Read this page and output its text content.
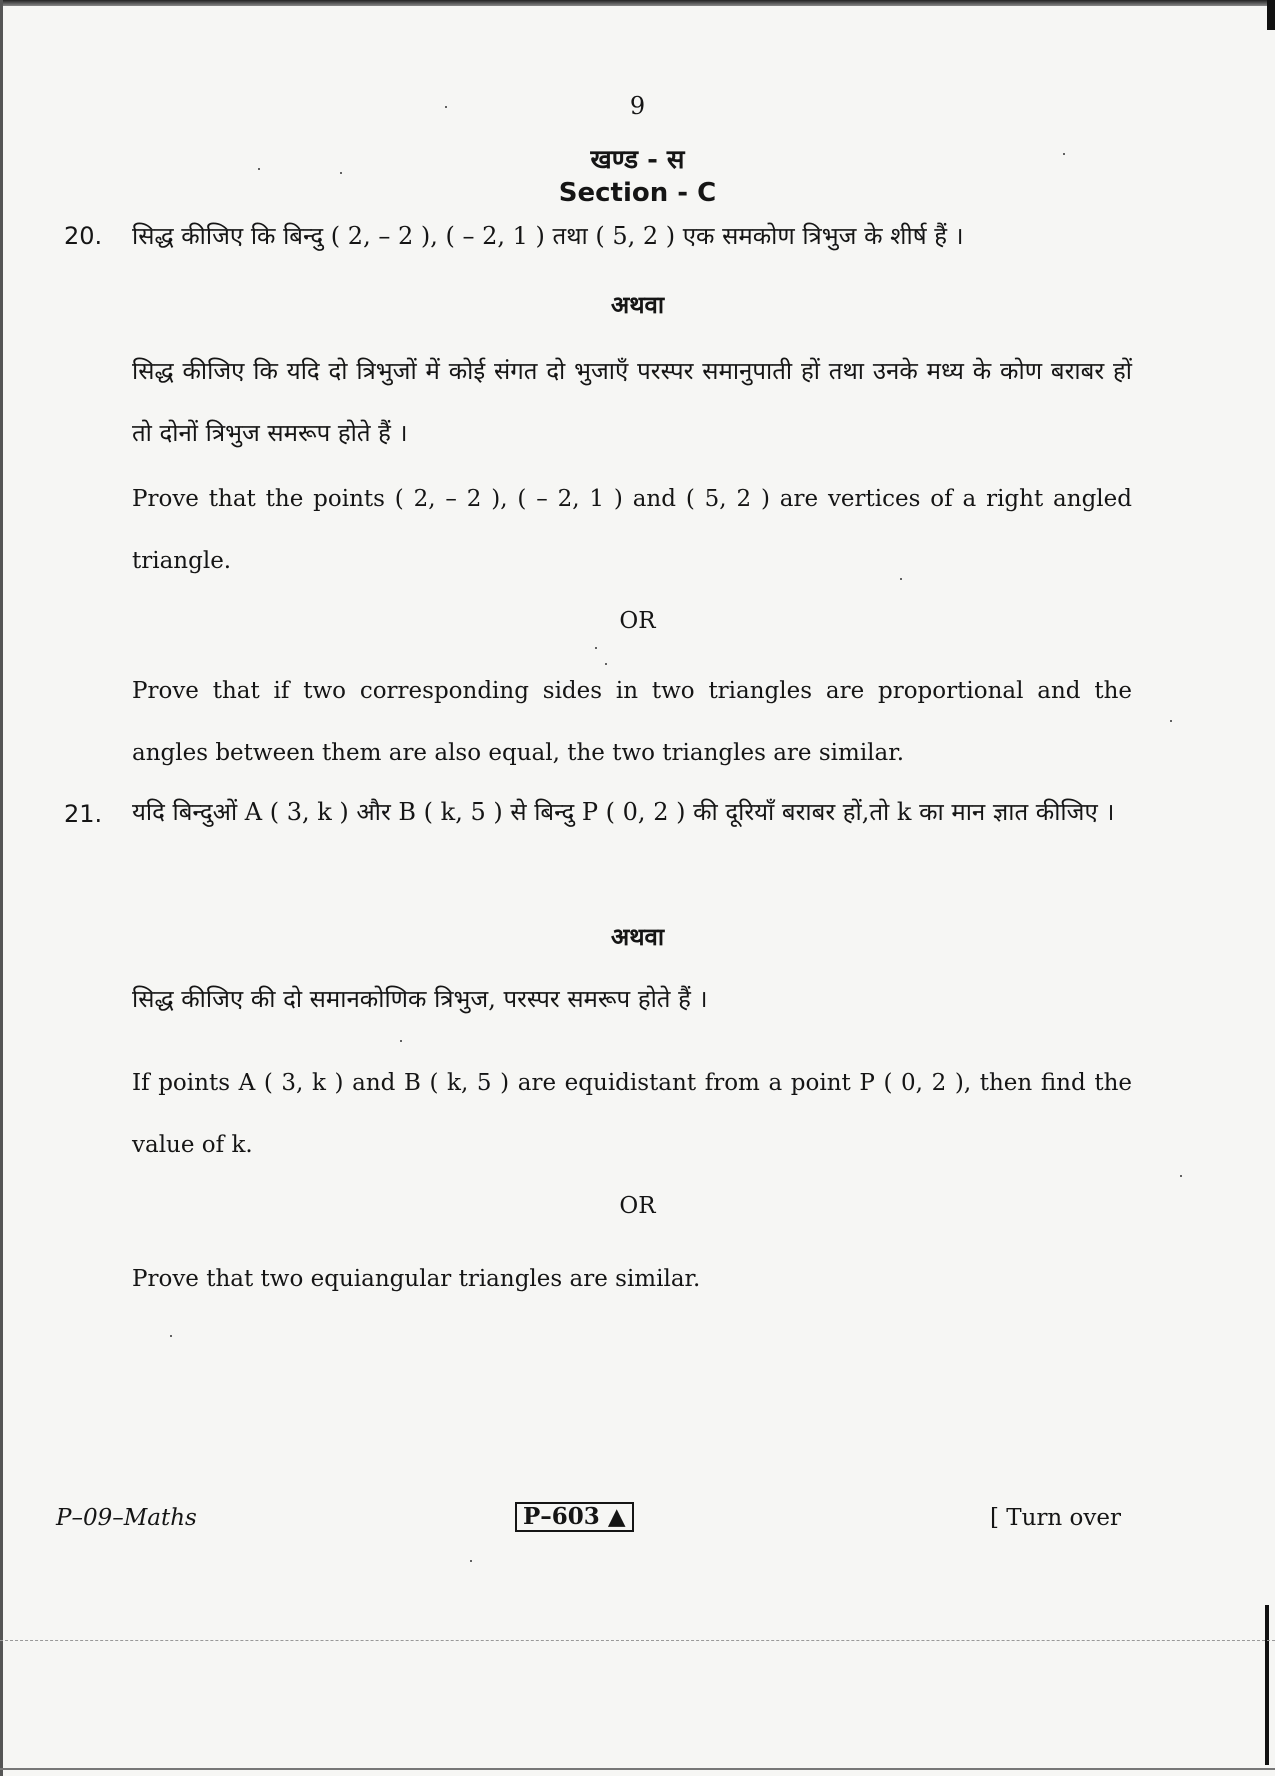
9
खण्ड - स
Section - C
20. सिद्ध कीजिए कि बिन्दु ( 2, – 2 ), ( – 2, 1 ) तथा ( 5, 2 ) एक समकोण त्रिभुज के शीर्ष हैं ।

अथवा

सिद्ध कीजिए कि यदि दो त्रिभुजों में कोई संगत दो भुजाएँ परस्पर समानुपाती हों तथा उनके मध्य के कोण बराबर हों तो दोनों त्रिभुज समरूप होते हैं ।

Prove that the points ( 2, – 2 ), ( – 2, 1 ) and ( 5, 2 ) are vertices of a right angled triangle.

OR

Prove that if two corresponding sides in two triangles are proportional and the angles between them are also equal, the two triangles are similar.

21. यदि बिन्दुओं A ( 3, k ) और B ( k, 5 ) से बिन्दु P ( 0, 2 ) की दूरियाँ बराबर हों,तो k का मान ज्ञात कीजिए ।

अथवा

सिद्ध कीजिए की दो समानकोणिक त्रिभुज, परस्पर समरूप होते हैं ।

If points A ( 3, k ) and B ( k, 5 ) are equidistant from a point P ( 0, 2 ), then find the value of k.

OR

Prove that two equiangular triangles are similar.

P–09–Maths	P–603 ▲	[ Turn over
